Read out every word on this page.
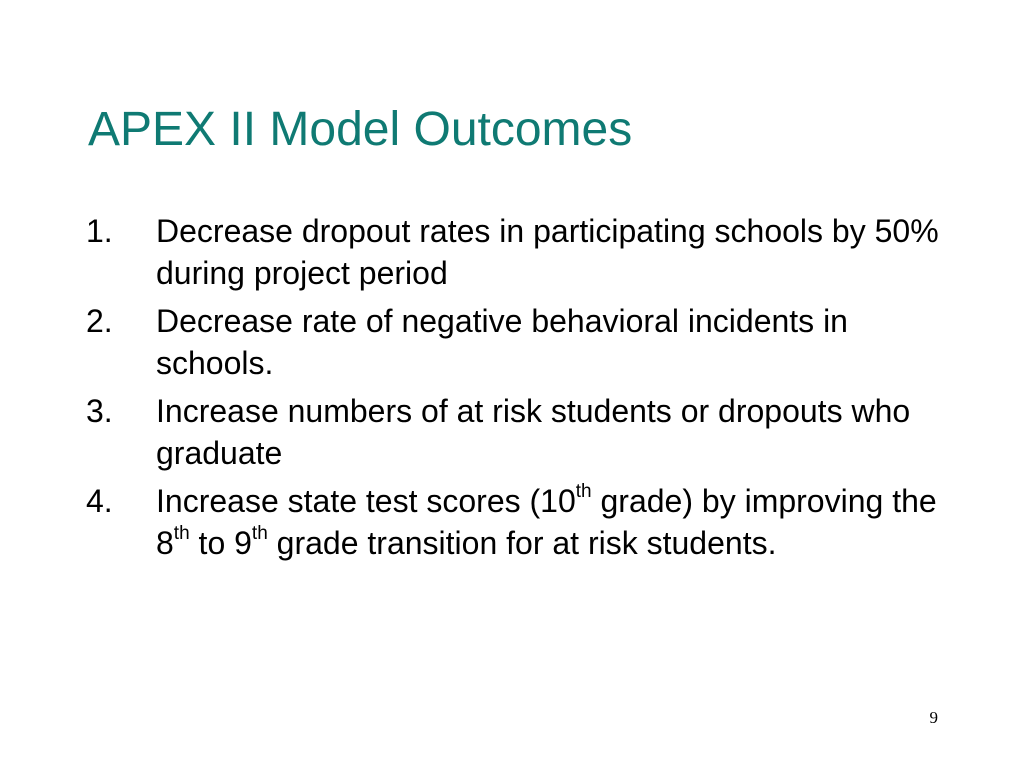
APEX II Model Outcomes
1.	Decrease dropout rates in participating schools by 50% during project period
2.	Decrease rate of negative behavioral incidents in schools.
3.	Increase numbers of at risk students or dropouts who graduate
4.	Increase state test scores (10th grade) by improving the 8th to 9th grade transition for at risk students.
9
